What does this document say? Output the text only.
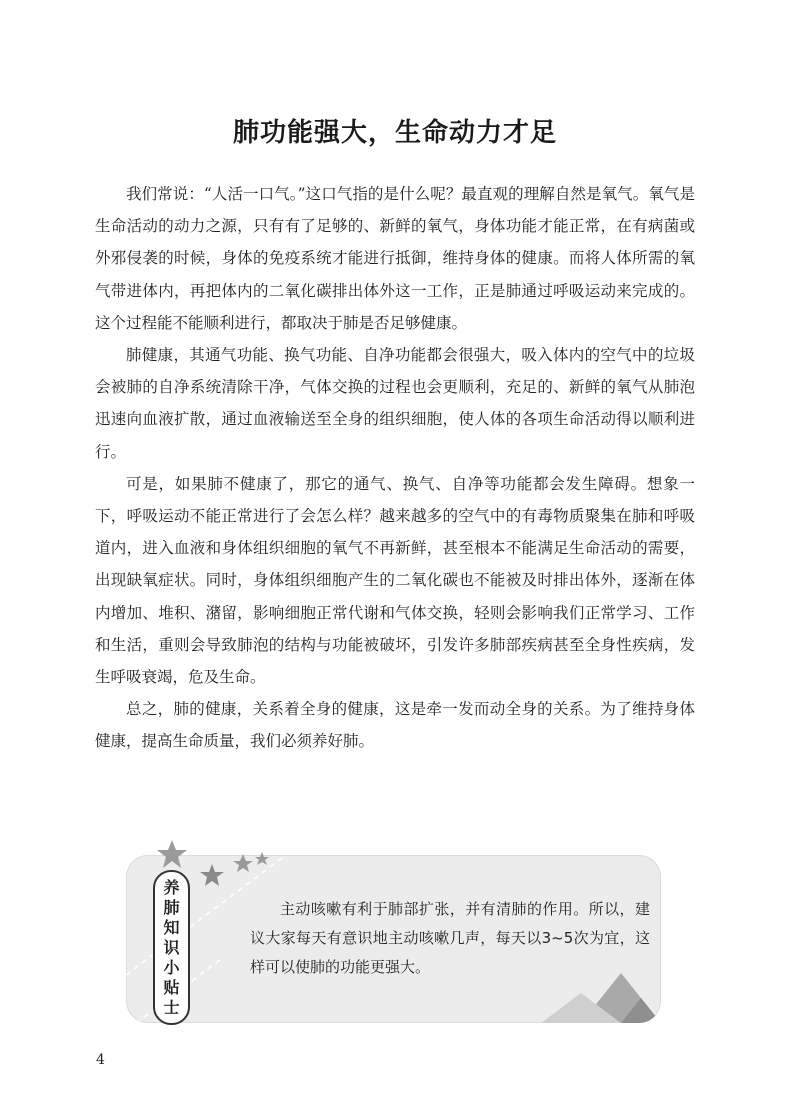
肺功能强大，生命动力才足

我们常说：“人活一口气。”这口气指的是什么呢？最直观的理解自然是氧气。氧气是生命活动的动力之源，只有有了足够的、新鲜的氧气，身体功能才能正常，在有病菌或外邪侵袭的时候，身体的免疫系统才能进行抵御，维持身体的健康。而将人体所需的氧气带进体内，再把体内的二氧化碳排出体外这一工作，正是肺通过呼吸运动来完成的。这个过程能不能顺利进行，都取决于肺是否足够健康。

肺健康，其通气功能、换气功能、自净功能都会很强大，吸入体内的空气中的垃圾会被肺的自净系统清除干净，气体交换的过程也会更顺利，充足的、新鲜的氧气从肺泡迅速向血液扩散，通过血液输送至全身的组织细胞，使人体的各项生命活动得以顺利进行。

可是，如果肺不健康了，那它的通气、换气、自净等功能都会发生障碍。想象一下，呼吸运动不能正常进行了会怎么样？越来越多的空气中的有毒物质聚集在肺和呼吸道内，进入血液和身体组织细胞的氧气不再新鲜，甚至根本不能满足生命活动的需要，出现缺氧症状。同时，身体组织细胞产生的二氧化碳也不能被及时排出体外，逐渐在体内增加、堆积、潴留，影响细胞正常代谢和气体交换，轻则会影响我们正常学习、工作和生活，重则会导致肺泡的结构与功能被破坏，引发许多肺部疾病甚至全身性疾病，发生呼吸衰竭，危及生命。

总之，肺的健康，关系着全身的健康，这是牵一发而动全身的关系。为了维持身体健康，提高生命质量，我们必须养好肺。

养
肺
知
识
小
贴
士

主动咳嗽有利于肺部扩张，并有清肺的作用。所以，建议大家每天有意识地主动咳嗽几声，每天以3~5次为宜，这样可以使肺的功能更强大。

4
